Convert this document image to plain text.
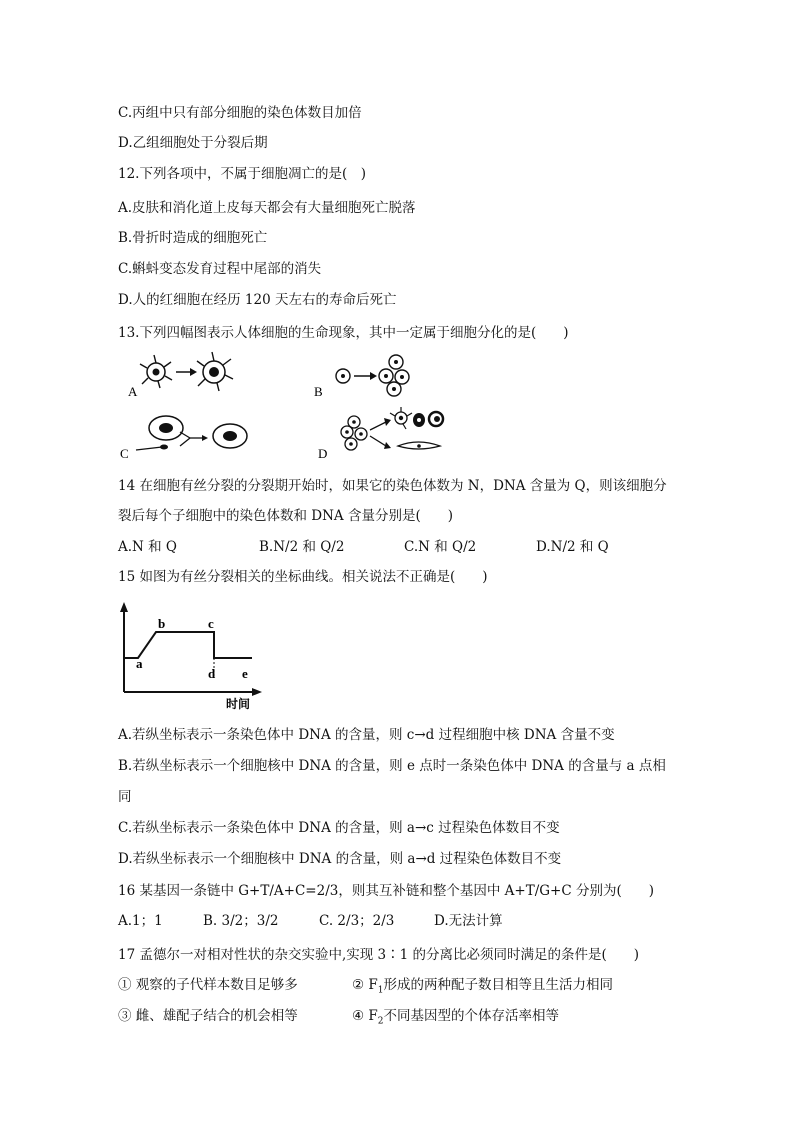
C.丙组中只有部分细胞的染色体数目加倍
D.乙组细胞处于分裂后期
12.下列各项中，不属于细胞凋亡的是(　)
A.皮肤和消化道上皮每天都会有大量细胞死亡脱落
B.骨折时造成的细胞死亡
C.蝌蚪变态发育过程中尾部的消失
D.人的红细胞在经历 120 天左右的寿命后死亡
13.下列四幅图表示人体细胞的生命现象，其中一定属于细胞分化的是(　　)
A	B
C	D
14 在细胞有丝分裂的分裂期开始时，如果它的染色体数为 N，DNA 含量为 Q，则该细胞分
裂后每个子细胞中的染色体数和 DNA 含量分别是(　　)
A.N 和 Q	B.N/2 和 Q/2	C.N 和 Q/2	D.N/2 和 Q
15 如图为有丝分裂相关的坐标曲线。相关说法不正确是(　　)
a
b	c
d e
时间
A.若纵坐标表示一条染色体中 DNA 的含量，则 c→d 过程细胞中核 DNA 含量不变
B.若纵坐标表示一个细胞核中 DNA 的含量，则 e 点时一条染色体中 DNA 的含量与 a 点相
同
C.若纵坐标表示一条染色体中 DNA 的含量，则 a→c 过程染色体数目不变
D.若纵坐标表示一个细胞核中 DNA 的含量，则 a→d 过程染色体数目不变
16 某基因一条链中 G+T/A+C=2/3，则其互补链和整个基因中 A+T/G+C 分别为(　　)
A.1；1	B. 3/2；3/2	C. 2/3；2/3	D.无法计算
17 孟德尔一对相对性状的杂交实验中,实现 3∶1 的分离比必须同时满足的条件是(　　)
① 观察的子代样本数目足够多	② $F_1$形成的两种配子数目相等且生活力相同
③ 雌、雄配子结合的机会相等	④ $F_2$不同基因型的个体存活率相等
